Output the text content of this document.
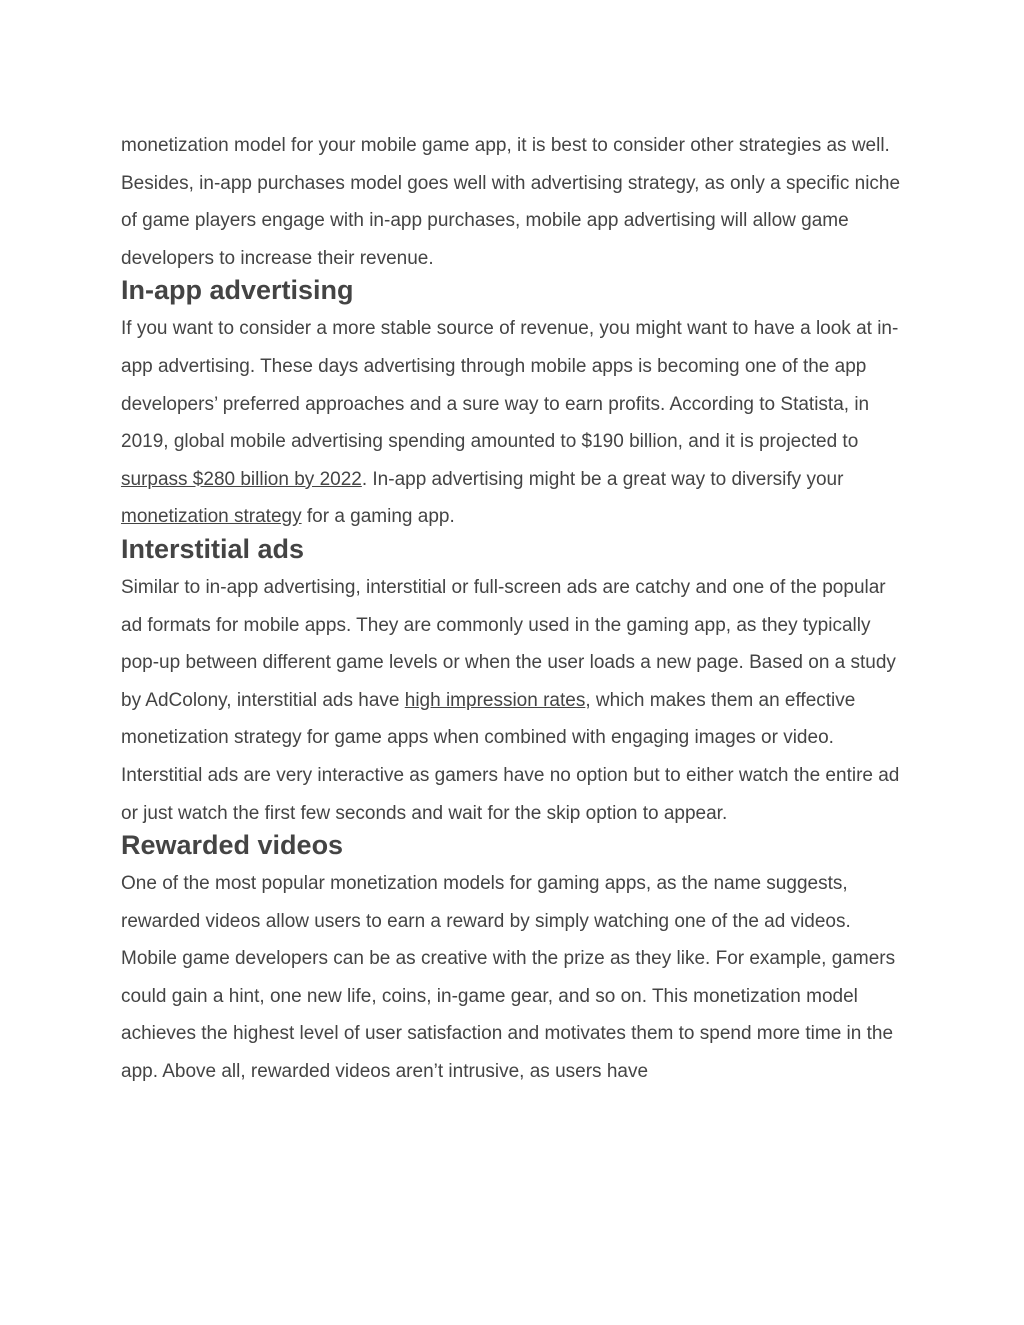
monetization model for your mobile game app, it is best to consider other strategies as well. Besides, in-app purchases model goes well with advertising strategy, as only a specific niche of game players engage with in-app purchases, mobile app advertising will allow game developers to increase their revenue.

In-app advertising

If you want to consider a more stable source of revenue, you might want to have a look at in-app advertising. These days advertising through mobile apps is becoming one of the app developers’ preferred approaches and a sure way to earn profits. According to Statista, in 2019, global mobile advertising spending amounted to $190 billion, and it is projected to surpass $280 billion by 2022. In-app advertising might be a great way to diversify your monetization strategy for a gaming app.

Interstitial ads

Similar to in-app advertising, interstitial or full-screen ads are catchy and one of the popular ad formats for mobile apps. They are commonly used in the gaming app, as they typically pop-up between different game levels or when the user loads a new page. Based on a study by AdColony, interstitial ads have high impression rates, which makes them an effective monetization strategy for game apps when combined with engaging images or video. Interstitial ads are very interactive as gamers have no option but to either watch the entire ad or just watch the first few seconds and wait for the skip option to appear.

Rewarded videos

One of the most popular monetization models for gaming apps, as the name suggests, rewarded videos allow users to earn a reward by simply watching one of the ad videos. Mobile game developers can be as creative with the prize as they like. For example, gamers could gain a hint, one new life, coins, in-game gear, and so on. This monetization model achieves the highest level of user satisfaction and motivates them to spend more time in the app. Above all, rewarded videos aren’t intrusive, as users have
